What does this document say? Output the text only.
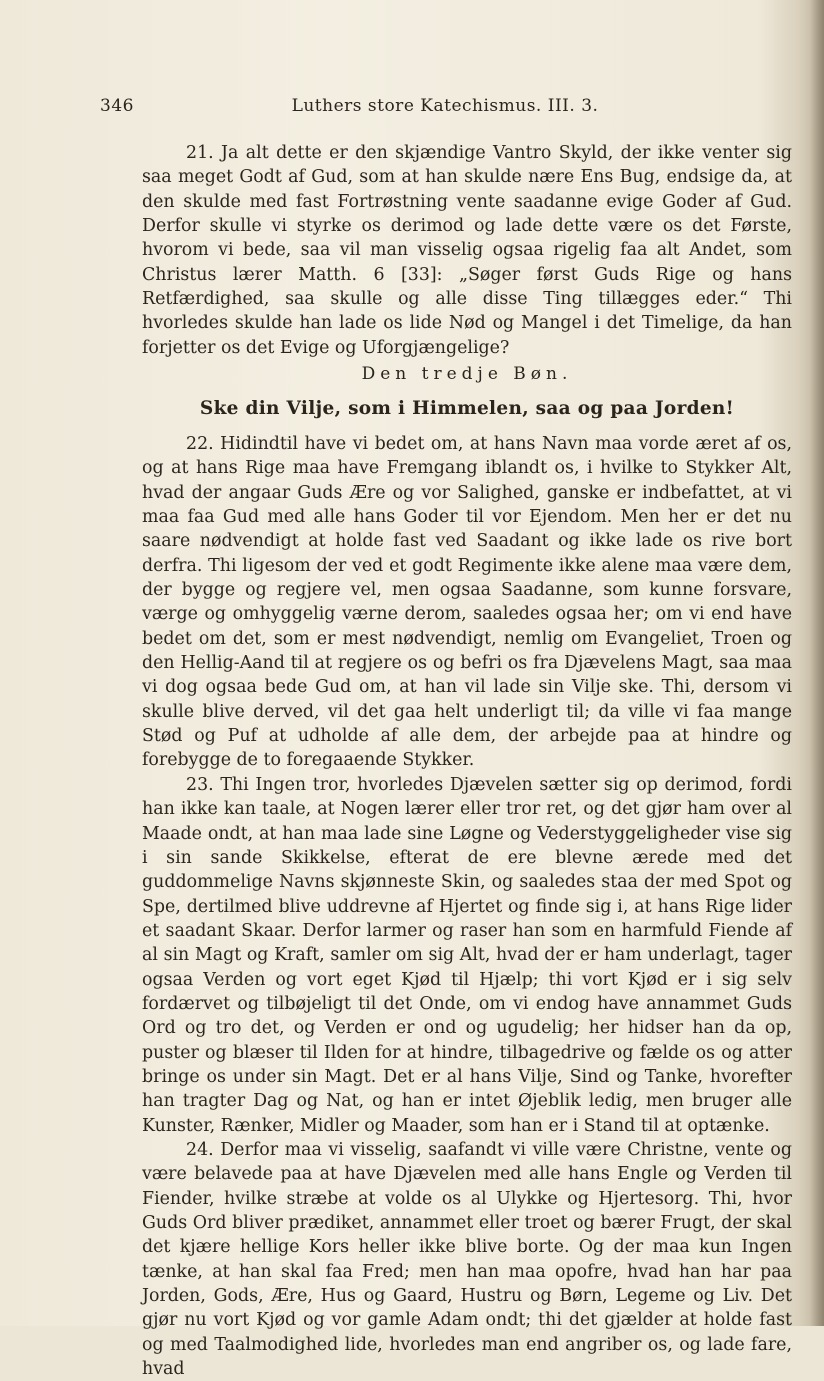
346	Luthers store Katechismus. III. 3.

21. Ja alt dette er den skjændige Vantro Skyld, der ikke venter sig saa meget Godt af Gud, som at han skulde nære Ens Bug, endsige da, at den skulde med fast Fortrøstning vente saadanne evige Goder af Gud. Derfor skulle vi styrke os derimod og lade dette være os det Første, hvorom vi bede, saa vil man visselig ogsaa rigelig faa alt Andet, som Christus lærer Matth. 6 [33]: „Søger først Guds Rige og hans Retfærdighed, saa skulle og alle disse Ting tillægges eder.“ Thi hvorledes skulde han lade os lide Nød og Mangel i det Timelige, da han forjetter os det Evige og Uforgjængelige?

Den tredje Bøn.
Ske din Vilje, som i Himmelen, saa og paa Jorden!

22. Hidindtil have vi bedet om, at hans Navn maa vorde æret af os, og at hans Rige maa have Fremgang iblandt os, i hvilke to Stykker Alt, hvad der angaar Guds Ære og vor Salighed, ganske er indbefattet, at vi maa faa Gud med alle hans Goder til vor Ejendom. Men her er det nu saare nødvendigt at holde fast ved Saadant og ikke lade os rive bort derfra. Thi ligesom der ved et godt Regimente ikke alene maa være dem, der bygge og regjere vel, men ogsaa Saadanne, som kunne forsvare, værge og omhyggelig værne derom, saaledes ogsaa her; om vi end have bedet om det, som er mest nødvendigt, nemlig om Evangeliet, Troen og den Hellig-Aand til at regjere os og befri os fra Djævelens Magt, saa maa vi dog ogsaa bede Gud om, at han vil lade sin Vilje ske. Thi, dersom vi skulle blive derved, vil det gaa helt underligt til; da ville vi faa mange Stød og Puf at udholde af alle dem, der arbejde paa at hindre og forebygge de to foregaaende Stykker.

23. Thi Ingen tror, hvorledes Djævelen sætter sig op derimod, fordi han ikke kan taale, at Nogen lærer eller tror ret, og det gjør ham over al Maade ondt, at han maa lade sine Løgne og Vederstyggeligheder vise sig i sin sande Skikkelse, efterat de ere blevne ærede med det guddommelige Navns skjønneste Skin, og saaledes staa der med Spot og Spe, dertilmed blive uddrevne af Hjertet og finde sig i, at hans Rige lider et saadant Skaar. Derfor larmer og raser han som en harmfuld Fiende af al sin Magt og Kraft, samler om sig Alt, hvad der er ham underlagt, tager ogsaa Verden og vort eget Kjød til Hjælp; thi vort Kjød er i sig selv fordærvet og tilbøjeligt til det Onde, om vi endog have annammet Guds Ord og tro det, og Verden er ond og ugudelig; her hidser han da op, puster og blæser til Ilden for at hindre, tilbagedrive og fælde os og atter bringe os under sin Magt. Det er al hans Vilje, Sind og Tanke, hvorefter han tragter Dag og Nat, og han er intet Øjeblik ledig, men bruger alle Kunster, Rænker, Midler og Maader, som han er i Stand til at optænke.

24. Derfor maa vi visselig, saafandt vi ville være Christne, vente og være belavede paa at have Djævelen med alle hans Engle og Verden til Fiender, hvilke stræbe at volde os al Ulykke og Hjertesorg. Thi, hvor Guds Ord bliver prædiket, annammet eller troet og bærer Frugt, der skal det kjære hellige Kors heller ikke blive borte. Og der maa kun Ingen tænke, at han skal faa Fred; men han maa opofre, hvad han har paa Jorden, Gods, Ære, Hus og Gaard, Hustru og Børn, Legeme og Liv. Det gjør nu vort Kjød og vor gamle Adam ondt; thi det gjælder at holde fast og med Taalmodighed lide, hvorledes man end angriber os, og lade fare, hvad
